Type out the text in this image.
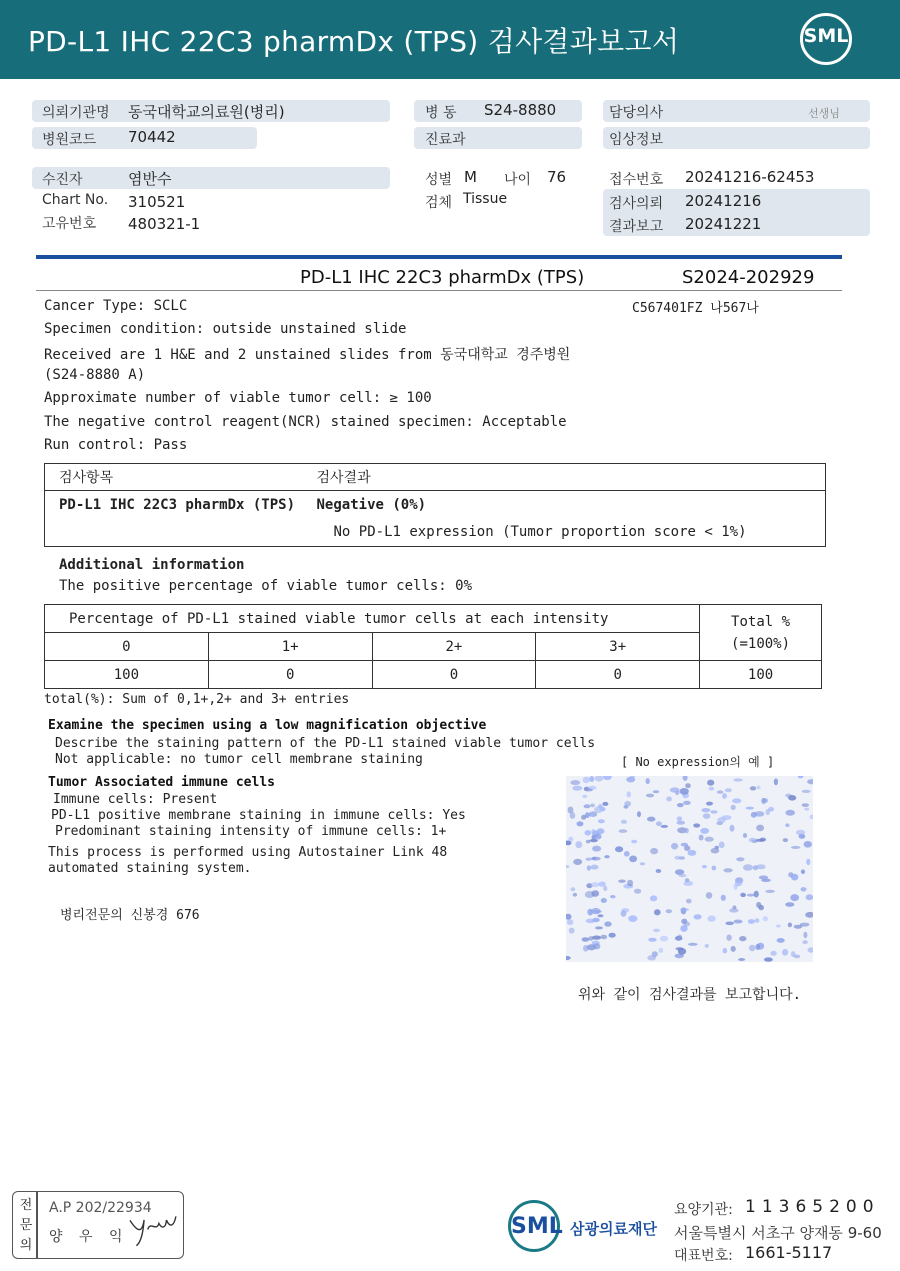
PD-L1 IHC 22C3 pharmDx (TPS) 검사결과보고서	SML
의뢰기관명 동국대학교의료원(병리)
병원코드 70442
수진자	염반수
Chart No. 310521
고유번호 480321-1
병 동 S24-8880
진료과
성별 M 나이 76
검체 Tissue
담당의사	선생님
임상정보
접수번호 20241216-62453
검사의뢰 20241216
결과보고 20241221
PD-L1 IHC 22C3 pharmDx (TPS)	S2024-202929
C567401FZ 나567나
Cancer Type: SCLC
Specimen condition: outside unstained slide
Received are 1 H&E and 2 unstained slides from 동국대학교 경주병원
(S24-8880 A)
Approximate number of viable tumor cell: ≥ 100
The negative control reagent(NCR) stained specimen: Acceptable
Run control: Pass
검사항목	검사결과
PD-L1 IHC 22C3 pharmDx (TPS)	Negative (0%)
	No PD-L1 expression (Tumor proportion score < 1%)
Additional information
The positive percentage of viable tumor cells: 0%
Percentage of PD-L1 stained viable tumor cells at each intensity				Total %
(=100%)

0	1+	2+	3+	
100	0	0	0	100
total(%): Sum of 0,1+,2+ and 3+ entries
Examine the specimen using a low magnification objective
Describe the staining pattern of the PD-L1 stained viable tumor cells
Not applicable: no tumor cell membrane staining	[ No expression의 예 ]
Tumor Associated immune cells
Immune cells: Present
PD-L1 positive membrane staining in immune cells: Yes
Predominant staining intensity of immune cells: 1+
This process is performed using Autostainer Link 48
automated staining system.
병리전문의 신봉경 676
위와 같이 검사결과를 보고합니다.
전
문
의
A.P 202/22934
양 우 익	SML 삼광의료재단
요양기관: 11365200
서울특별시 서초구 양재동 9-60
대표번호: 1661-5117
